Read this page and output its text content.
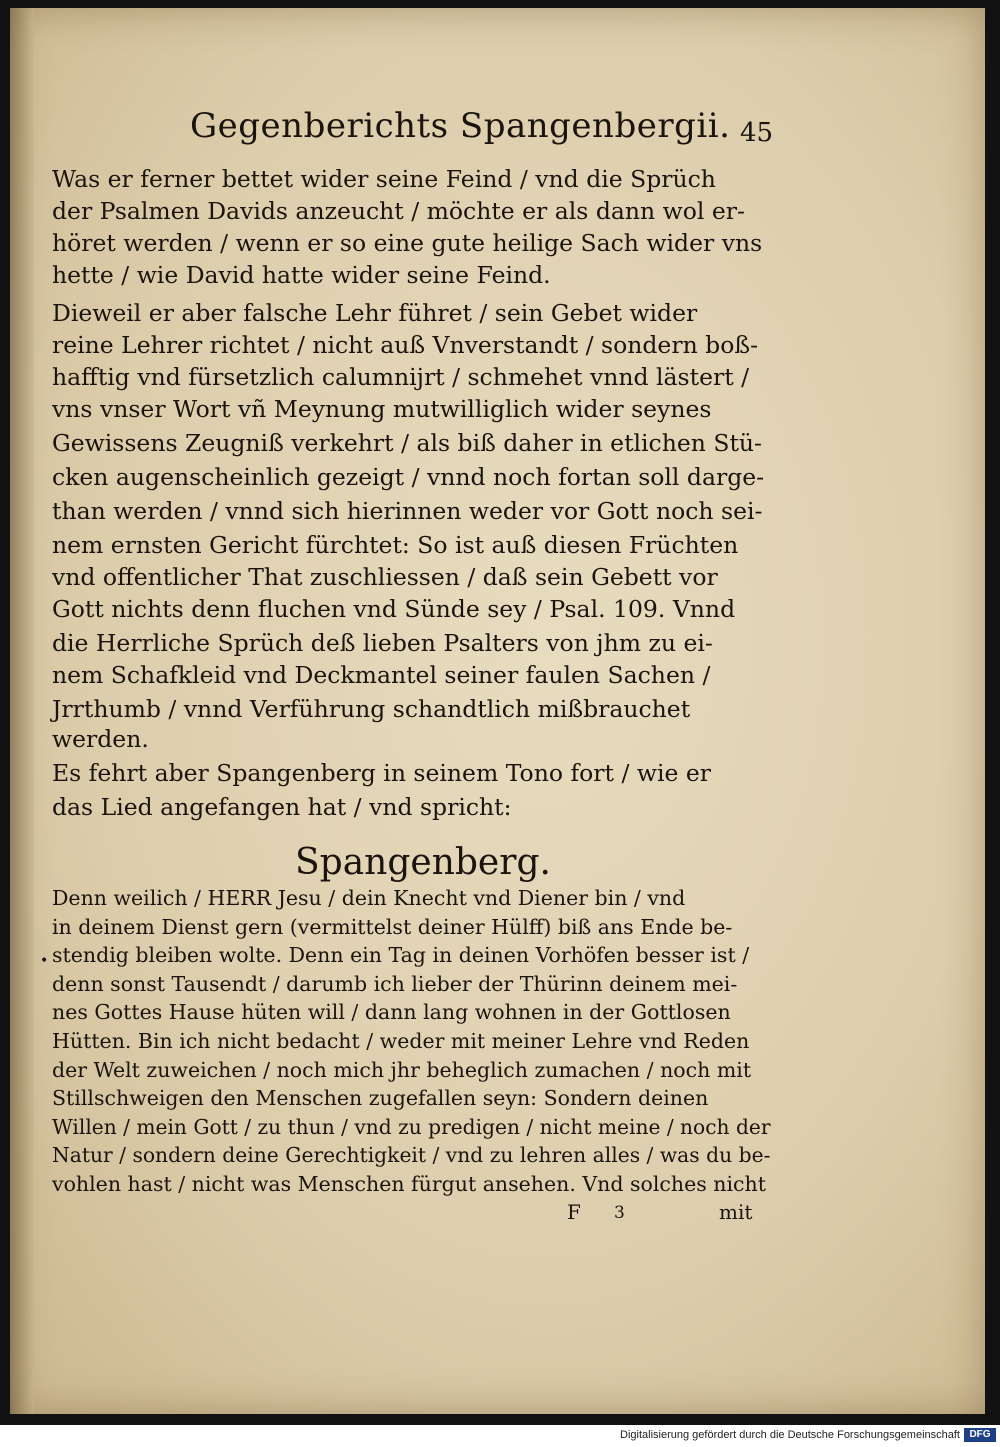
Gegenberichts Spangenbergii. 45
Was er ferner bettet wider seine Feind / vnd die Sprüch
der Psalmen Davids anzeucht / möchte er als dann wol er-
höret werden / wenn er so eine gute heilige Sach wider vns
hette / wie David hatte wider seine Feind.
Dieweil er aber falsche Lehr führet / sein Gebet wider
reine Lehrer richtet / nicht auß Vnverstandt / sondern boß-
hafftig vnd fürsetzlich calumnijrt / schmehet vnnd lästert /
vns vnser Wort vñ Meynung mutwilliglich wider seynes
Gewissens Zeugniß verkehrt / als biß daher in etlichen Stü-
cken augenscheinlich gezeigt / vnnd noch fortan soll darge-
than werden / vnnd sich hierinnen weder vor Gott noch sei-
nem ernsten Gericht fürchtet: So ist auß diesen Früchten
vnd offentlicher That zuschliessen / daß sein Gebett vor
Gott nichts denn fluchen vnd Sünde sey / Psal. 109. Vnnd
die Herrliche Sprüch deß lieben Psalters von jhm zu ei-
nem Schafkleid vnd Deckmantel seiner faulen Sachen /
Jrrthumb / vnnd Verführung schandtlich mißbrauchet
werden.
Es fehrt aber Spangenberg in seinem Tono fort / wie er
das Lied angefangen hat / vnd spricht:
Spangenberg.
Denn weilich / HERR Jesu / dein Knecht vnd Diener bin / vnd
in deinem Dienst gern (vermittelst deiner Hülff) biß ans Ende be-
stendig bleiben wolte. Denn ein Tag in deinen Vorhöfen besser ist /
denn sonst Tausendt / darumb ich lieber der Thürinn deinem mei-
nes Gottes Hause hüten will / dann lang wohnen in der Gottlosen
Hütten. Bin ich nicht bedacht / weder mit meiner Lehre vnd Reden
der Welt zuweichen / noch mich jhr beheglich zumachen / noch mit
Stillschweigen den Menschen zugefallen seyn: Sondern deinen
Willen / mein Gott / zu thun / vnd zu predigen / nicht meine / noch der
Natur / sondern deine Gerechtigkeit / vnd zu lehren alles / was du be-
vohlen hast / nicht was Menschen fürgut ansehen. Vnd solches nicht
•
F 3	mit
Digitalisierung gefördert durch die Deutsche Forschungsgemeinschaft DFG
